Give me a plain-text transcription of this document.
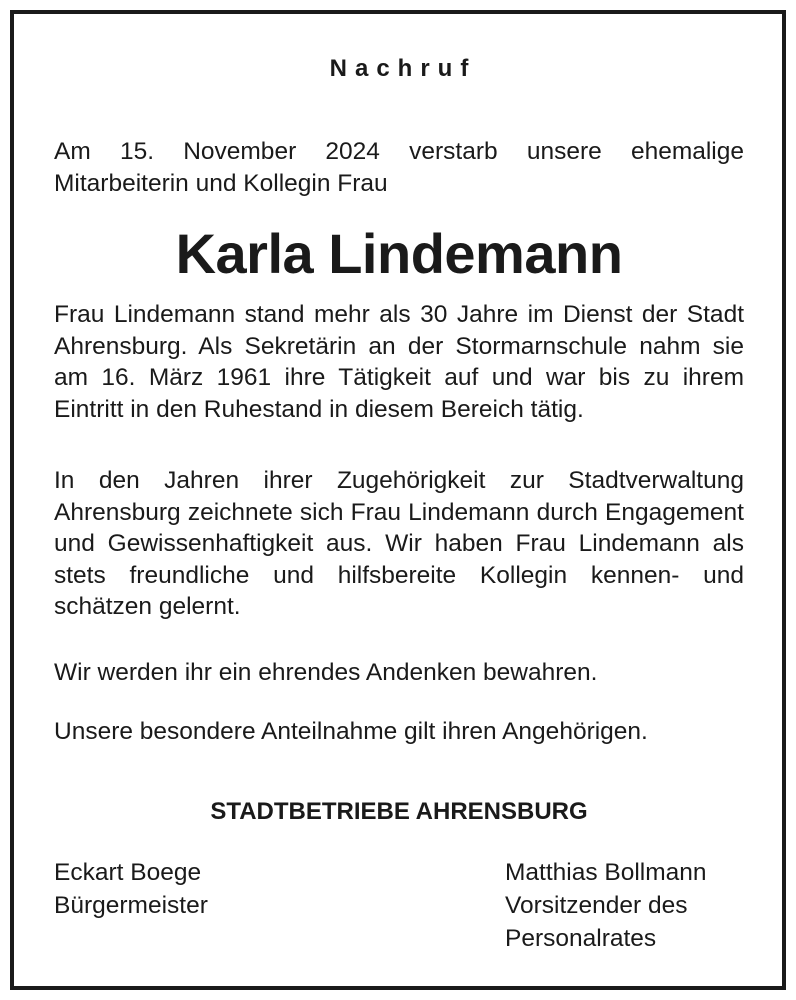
Nachruf
Am 15. November 2024 verstarb unsere ehemalige
Mitarbeiterin und Kollegin Frau
Karla Lindemann

Frau Lindemann stand mehr als 30 Jahre im Dienst der Stadt Ahrensburg. Als Sekretärin an der Stormarnschule nahm sie am 16. März 1961 ihre Tätigkeit auf und war bis zu ihrem Eintritt in den Ruhestand in diesem Bereich tätig.

In den Jahren ihrer Zugehörigkeit zur Stadtverwaltung Ahrensburg zeichnete sich Frau Lindemann durch Engagement und Gewissenhaftigkeit aus. Wir haben Frau Lindemann als stets freundliche und hilfsbereite Kollegin kennen- und schätzen gelernt.

Wir werden ihr ein ehrendes Andenken bewahren.

Unsere besondere Anteilnahme gilt ihren Angehörigen.

STADTBETRIEBE AHRENSBURG
Eckart Boege
Bürgermeister
Matthias Bollmann
Vorsitzender des
Personalrates
